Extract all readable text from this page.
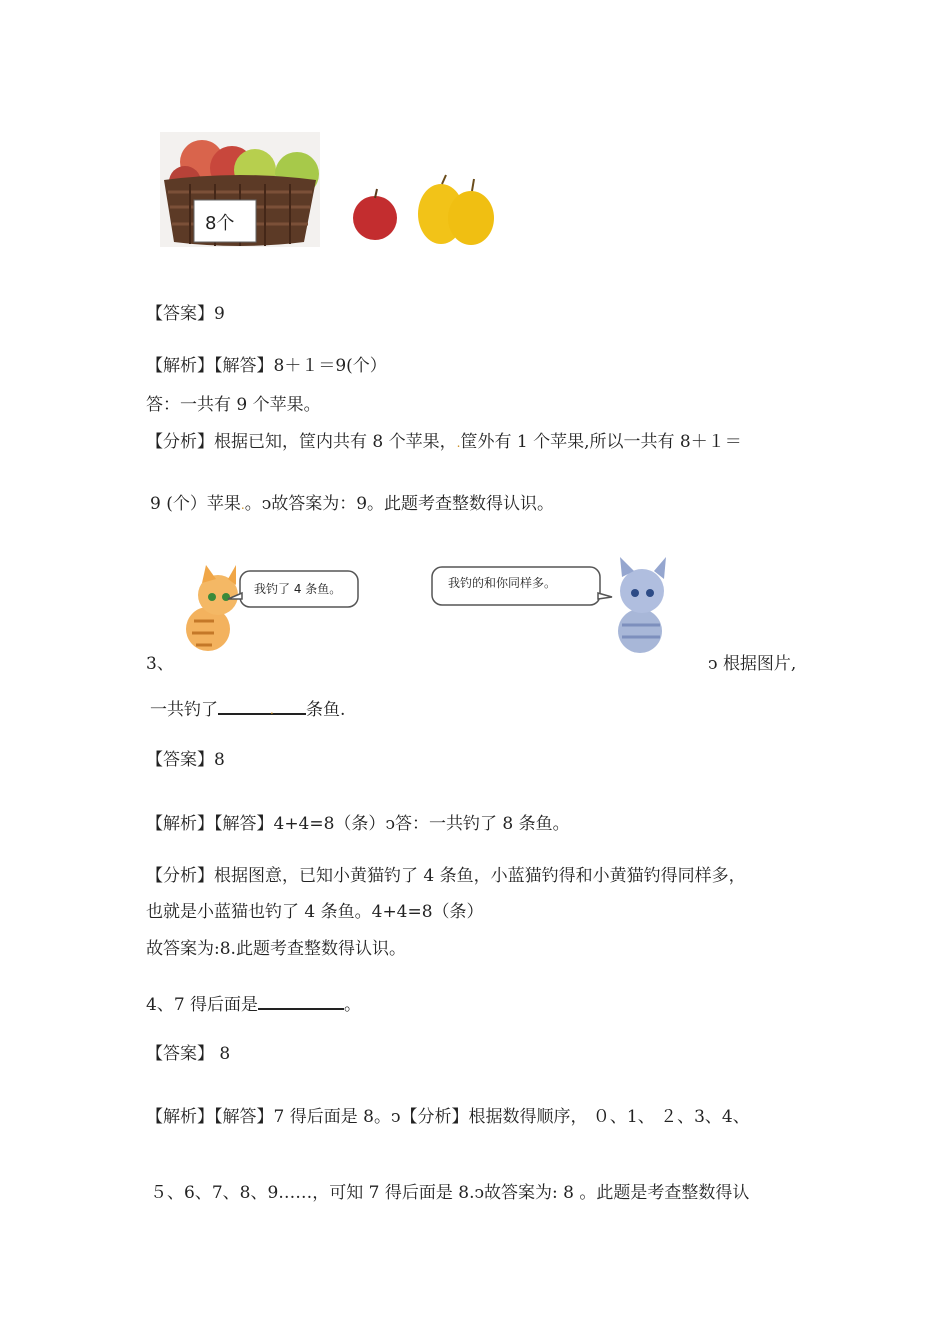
8个
【答案】9
【解析】【解答】8＋１＝9(个）
答：一共有 9 个苹果。
【分析】根据已知，筐内共有 8 个苹果，.筐外有 1 个苹果,所以一共有 8＋１＝
9 (个）苹果.。ↄ故答案为：9。此题考查整数得认识。
我钓了 4 条鱼。	我钓的和你同样多。
3、	ↄ 根据图片,
一共钓了	. 条鱼.
【答案】8
【解析】【解答】4+4=8（条）ↄ答：一共钓了 8 条鱼。
【分析】根据图意，已知小黄猫钓了 4 条鱼，小蓝猫钓得和小黄猫钓得同样多，
也就是小蓝猫也钓了 4 条鱼。4+4=8（条）
故答案为:8.此题考查整数得认识。
4、7 得后面是	。
【答案】 8
【解析】【解答】7 得后面是 8。ↄ【分析】根据数得顺序， ０、1、 ２、3、4、
５、6、7、8、9……，可知 7 得后面是 8.ↄ故答案为: 8 。此题是考查整数得认
